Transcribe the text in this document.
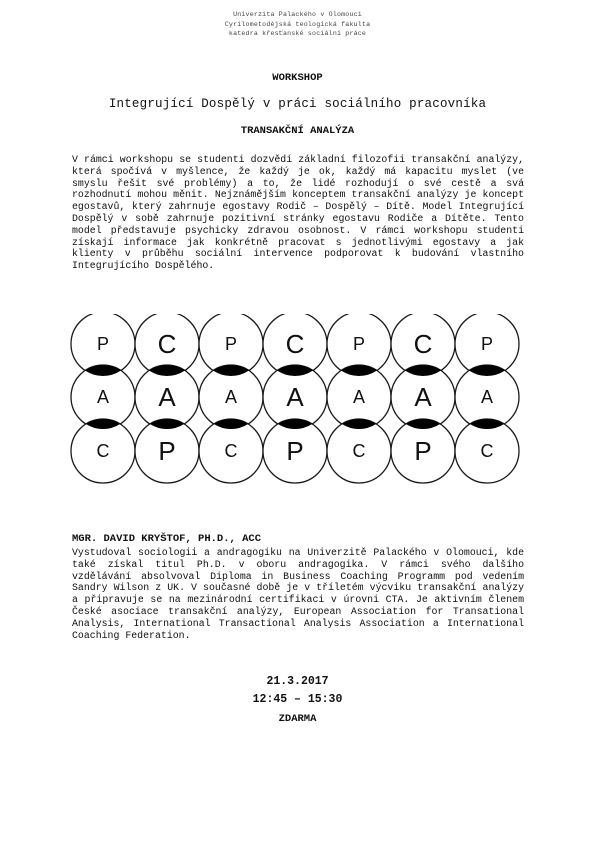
Univerzita Palackého v Olomouci
Cyrilometodějská teologická fakulta
katedra křesťanské sociální práce
WORKSHOP
Integrující Dospělý v práci sociálního pracovníka
TRANSAKČNÍ ANALÝZA
V rámci workshopu se studenti dozvědí základní filozofii transakční analýzy, která spočívá v myšlence, že každý je ok, každý má kapacitu myslet (ve smyslu řešit své problémy) a to, že lidé rozhodují o své cestě a svá rozhodnutí mohou měnit. Nejznámějším konceptem transakční analýzy je koncept egostavů, který zahrnuje egostavy Rodič – Dospělý – Dítě. Model Integrující Dospělý v sobě zahrnuje pozitivní stránky egostavu Rodiče a Dítěte. Tento model představuje psychicky zdravou osobnost. V rámci workshopu studenti získají informace jak konkrétně pracovat s jednotlivými egostavy a jak klienty v průběhu sociální intervence podporovat k budování vlastního Integrujícího Dospělého.
P
A
C
C
A
P
P
A
C
C
A
P
P
A
C
C
A
P
P
A
C
MGR. DAVID KRYŠTOF, PH.D., ACC
Vystudoval sociologii a andragogiku na Univerzitě Palackého v Olomouci, kde také získal titul Ph.D. v oboru andragogika. V rámci svého dalšího vzdělávání absolvoval Diploma in Business Coaching Programm pod vedením Sandry Wilson z UK. V současné době je v tříletém výcviku transakční analýzy a připravuje se na mezinárodní certifikaci v úrovni CTA. Je aktivním členem České asociace transakční analýzy, European Association for Transational Analysis, International Transactional Analysis Association a International Coaching Federation.
21.3.2017
12:45 – 15:30
ZDARMA
